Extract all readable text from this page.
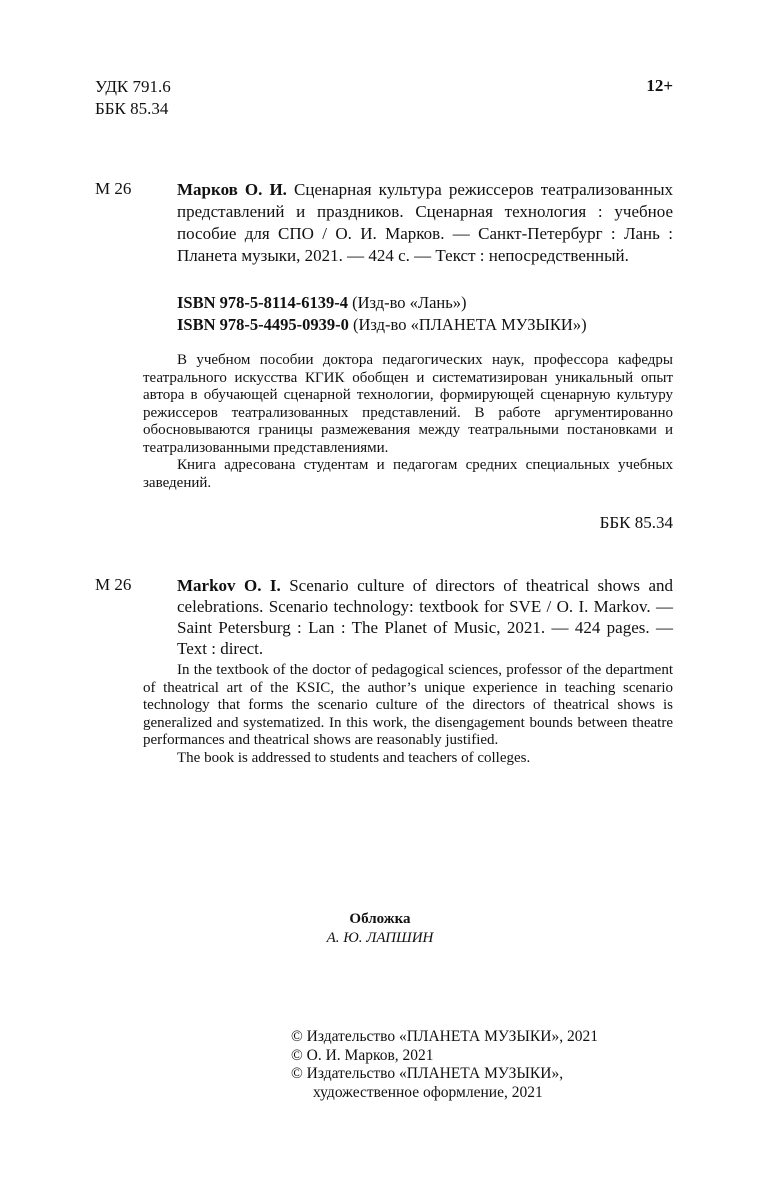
УДК 791.6
ББК 85.34
12+
М 26	Марков О. И. Сценарная культура режиссеров театрализованных представлений и праздников. Сценарная технология : учебное пособие для СПО / О. И. Марков. — Санкт-Петербург : Лань : Планета музыки, 2021. — 424 с. — Текст : непосредственный.
ISBN 978-5-8114-6139-4 (Изд-во «Лань»)
ISBN 978-5-4495-0939-0 (Изд-во «ПЛАНЕТА МУЗЫКИ»)

В учебном пособии доктора педагогических наук, профессора кафедры театрального искусства КГИК обобщен и систематизирован уникальный опыт автора в обучающей сценарной технологии, формирующей сценарную культуру режиссеров театрализованных представлений. В работе аргументированно обосновываются границы размежевания между театральными постановками и театрализованными представлениями.

Книга адресована студентам и педагогам средних специальных учебных заведений.

ББК 85.34
M 26	Markov O. I. Scenario culture of directors of theatrical shows and celebrations. Scenario technology: textbook for SVE / O. I. Markov. — Saint Petersburg : Lan : The Planet of Music, 2021. — 424 pages. — Text : direct.

In the textbook of the doctor of pedagogical sciences, professor of the department of theatrical art of the KSIC, the author’s unique experience in teaching scenario technology that forms the scenario culture of the directors of theatrical shows is generalized and systematized. In this work, the disengagement bounds between theatre performances and theatrical shows are reasonably justified.

The book is addressed to students and teachers of colleges.

Обложка
А. Ю. ЛАПШИН
© Издательство «ПЛАНЕТА МУЗЫКИ», 2021
© О. И. Марков, 2021
© Издательство «ПЛАНЕТА МУЗЫКИ»,
художественное оформление, 2021
